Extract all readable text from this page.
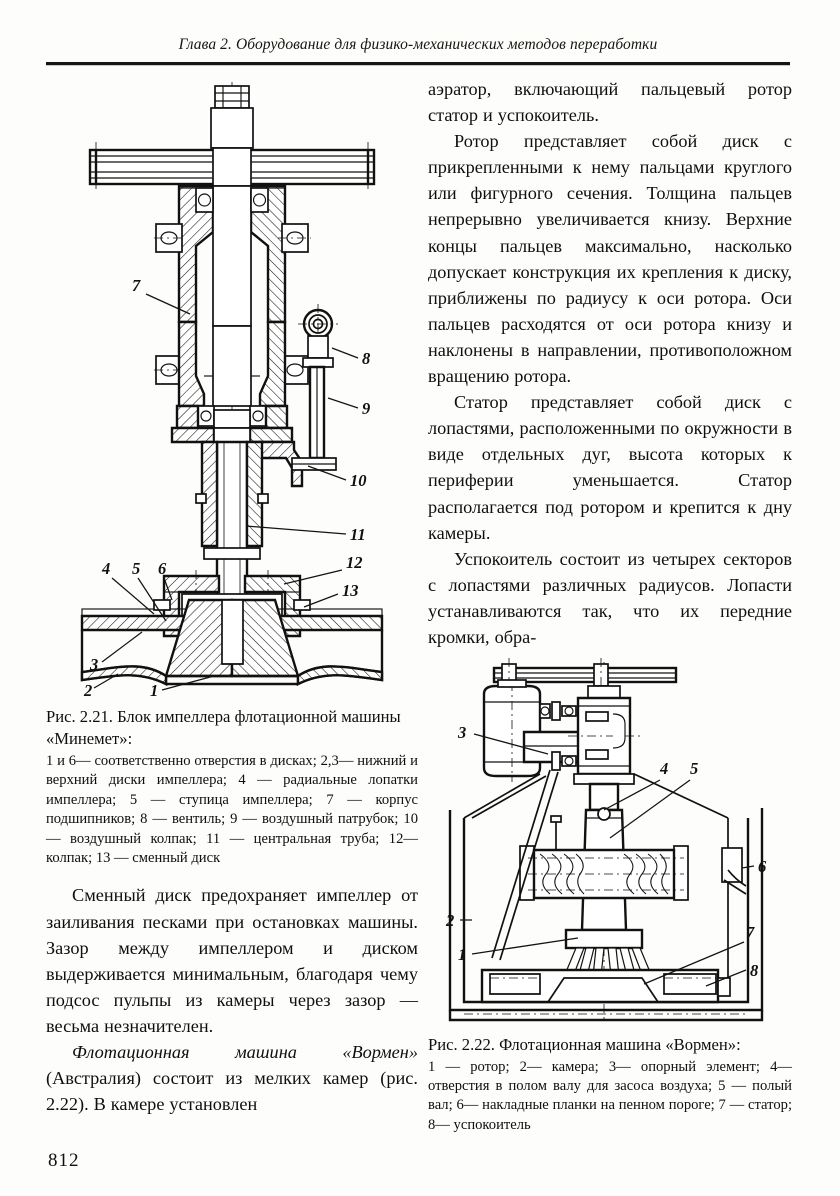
Глава 2. Оборудование для физико-механических методов переработки
7
8
9
10
11
12
13
4 5 6
3
2	1
Рис. 2.21. Блок импеллера флотационной машины «Минемет»:
1 и 6— соответственно отверстия в дисках; 2,3— нижний и верхний диски импеллера; 4 — радиальные лопатки импеллера; 5 — ступица импеллера; 7 — корпус подшипников; 8 — вентиль; 9 — воздушный патрубок; 10— воздушный колпак; 11 — центральная труба; 12— колпак; 13 — сменный диск

Сменный диск предохраняет импеллер от заиливания песками при остановках машины. Зазор между импеллером и диском выдерживается минимальным, благодаря чему подсос пульпы из камеры через зазор — весьма незначителен.

Флотационная машина «Вормен» (Австралия) состоит из мелких камер (рис. 2.22). В камере установлен

аэратор, включающий пальцевый ротор статор и успокоитель.

Ротор представляет собой диск с прикрепленными к нему пальцами круглого или фигурного сечения. Толщина пальцев непрерывно увеличивается книзу. Верхние концы пальцев максимально, насколько допускает конструкция их крепления к диску, приближены по радиусу к оси ротора. Оси пальцев расходятся от оси ротора книзу и наклонены в направлении, противоположном вращению ротора.

Статор представляет собой диск с лопастями, расположенными по окружности в виде отдельных дуг, высота которых к периферии уменьшается. Статор располагается под ротором и крепится к дну камеры.

Успокоитель состоит из четырех секторов с лопастями различных радиусов. Лопасти устанавливаются так, что их передние кромки, обра-

3
4 5
6
2
1
7
8
Рис. 2.22. Флотационная машина «Вормен»:
1 — ротор; 2— камера; 3— опорный элемент; 4— отверстия в полом валу для засоса воздуха; 5 — полый вал; 6— накладные планки на пенном пороге; 7 — статор; 8— успокоитель
812
